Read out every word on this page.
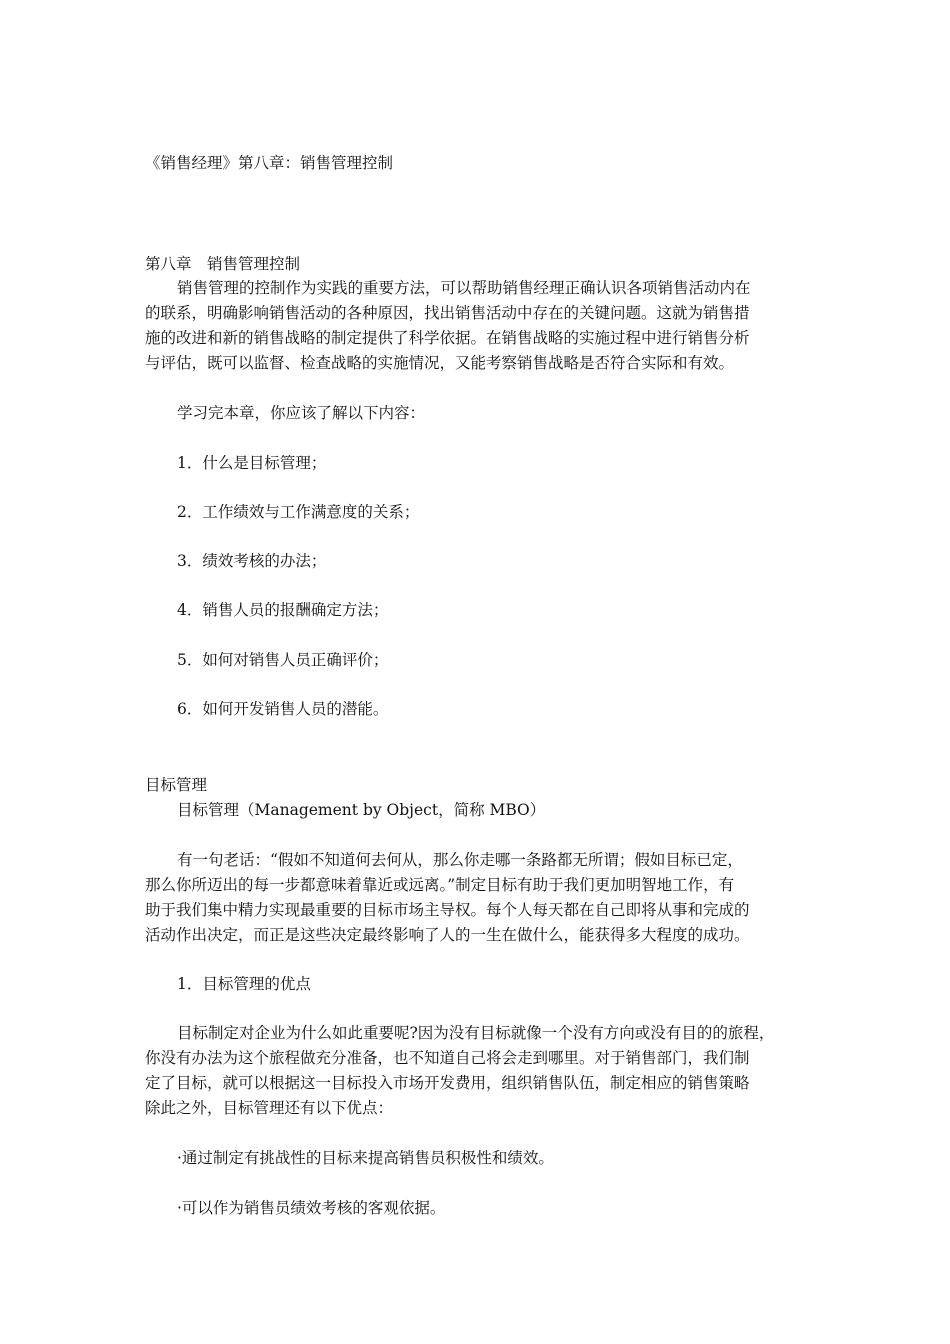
《销售经理》第八章：销售管理控制

第八章　销售管理控制

销售管理的控制作为实践的重要方法，可以帮助销售经理正确认识各项销售活动内在

的联系，明确影响销售活动的各种原因，找出销售活动中存在的关键问题。这就为销售措

施的改进和新的销售战略的制定提供了科学依据。在销售战略的实施过程中进行销售分析

与评估，既可以监督、检查战略的实施情况，又能考察销售战略是否符合实际和有效。

学习完本章，你应该了解以下内容：

1．什么是目标管理；

2．工作绩效与工作满意度的关系；

3．绩效考核的办法；

4．销售人员的报酬确定方法；

5．如何对销售人员正确评价；

6．如何开发销售人员的潜能。

目标管理

目标管理（Management by Object，简称 MBO）

有一句老话：“假如不知道何去何从，那么你走哪一条路都无所谓；假如目标已定，

那么你所迈出的每一步都意味着靠近或远离。”制定目标有助于我们更加明智地工作，有

助于我们集中精力实现最重要的目标市场主导权。每个人每天都在自己即将从事和完成的

活动作出决定，而正是这些决定最终影响了人的一生在做什么，能获得多大程度的成功。

1．目标管理的优点

目标制定对企业为什么如此重要呢?因为没有目标就像一个没有方向或没有目的的旅程，

你没有办法为这个旅程做充分准备，也不知道自己将会走到哪里。对于销售部门，我们制

定了目标，就可以根据这一目标投入市场开发费用，组织销售队伍，制定相应的销售策略

除此之外，目标管理还有以下优点：

·通过制定有挑战性的目标来提高销售员积极性和绩效。

·可以作为销售员绩效考核的客观依据。
